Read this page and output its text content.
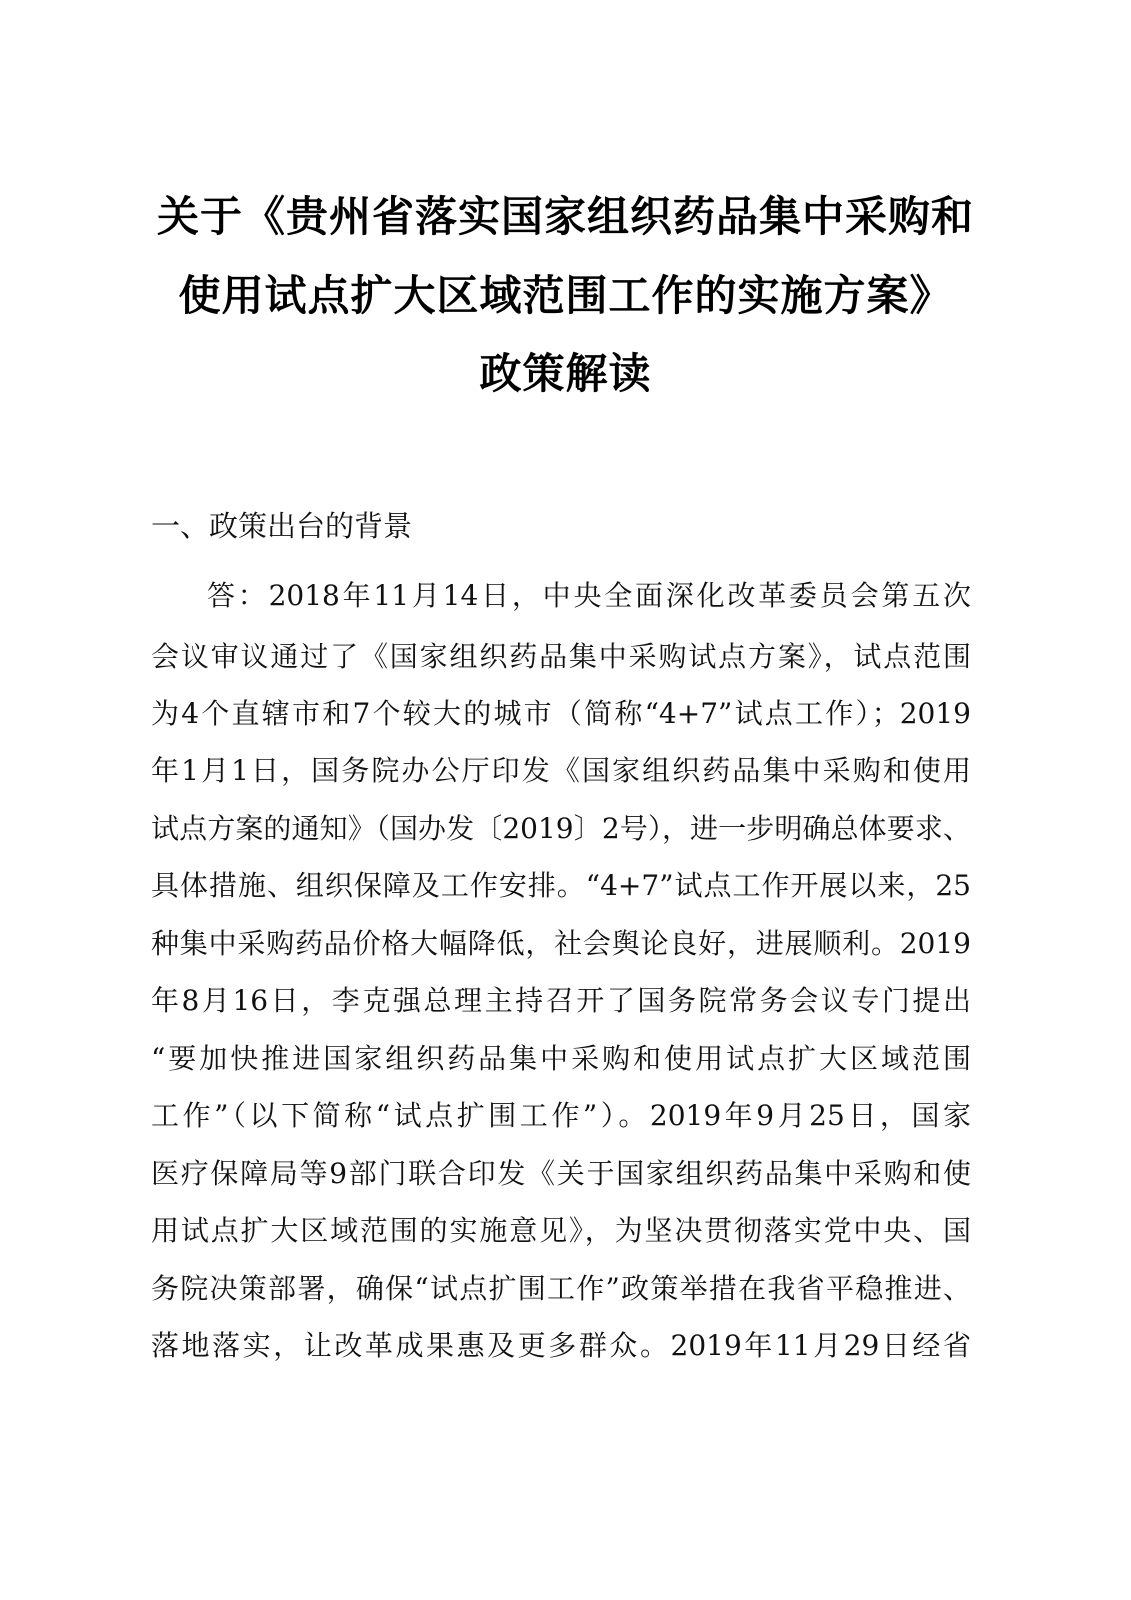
关于《贵州省落实国家组织药品集中采购和
使用试点扩大区域范围工作的实施方案》
政策解读
一、政策出台的背景
答：2018年11月14日，中央全面深化改革委员会第五次
会议审议通过了《国家组织药品集中采购试点方案》，试点范围
为4个直辖市和7个较大的城市（简称“4+7”试点工作）；2019
年1月1日，国务院办公厅印发《国家组织药品集中采购和使用
试点方案的通知》（国办发〔2019〕2号），进一步明确总体要求、
具体措施、组织保障及工作安排。“4+7”试点工作开展以来，25
种集中采购药品价格大幅降低，社会舆论良好，进展顺利。2019
年8月16日，李克强总理主持召开了国务院常务会议专门提出
“要加快推进国家组织药品集中采购和使用试点扩大区域范围
工作”（以下简称“试点扩围工作”）。2019年9月25日，国家
医疗保障局等9部门联合印发《关于国家组织药品集中采购和使
用试点扩大区域范围的实施意见》，为坚决贯彻落实党中央、国
务院决策部署，确保“试点扩围工作”政策举措在我省平稳推进、
落地落实，让改革成果惠及更多群众。2019年11月29日经省
